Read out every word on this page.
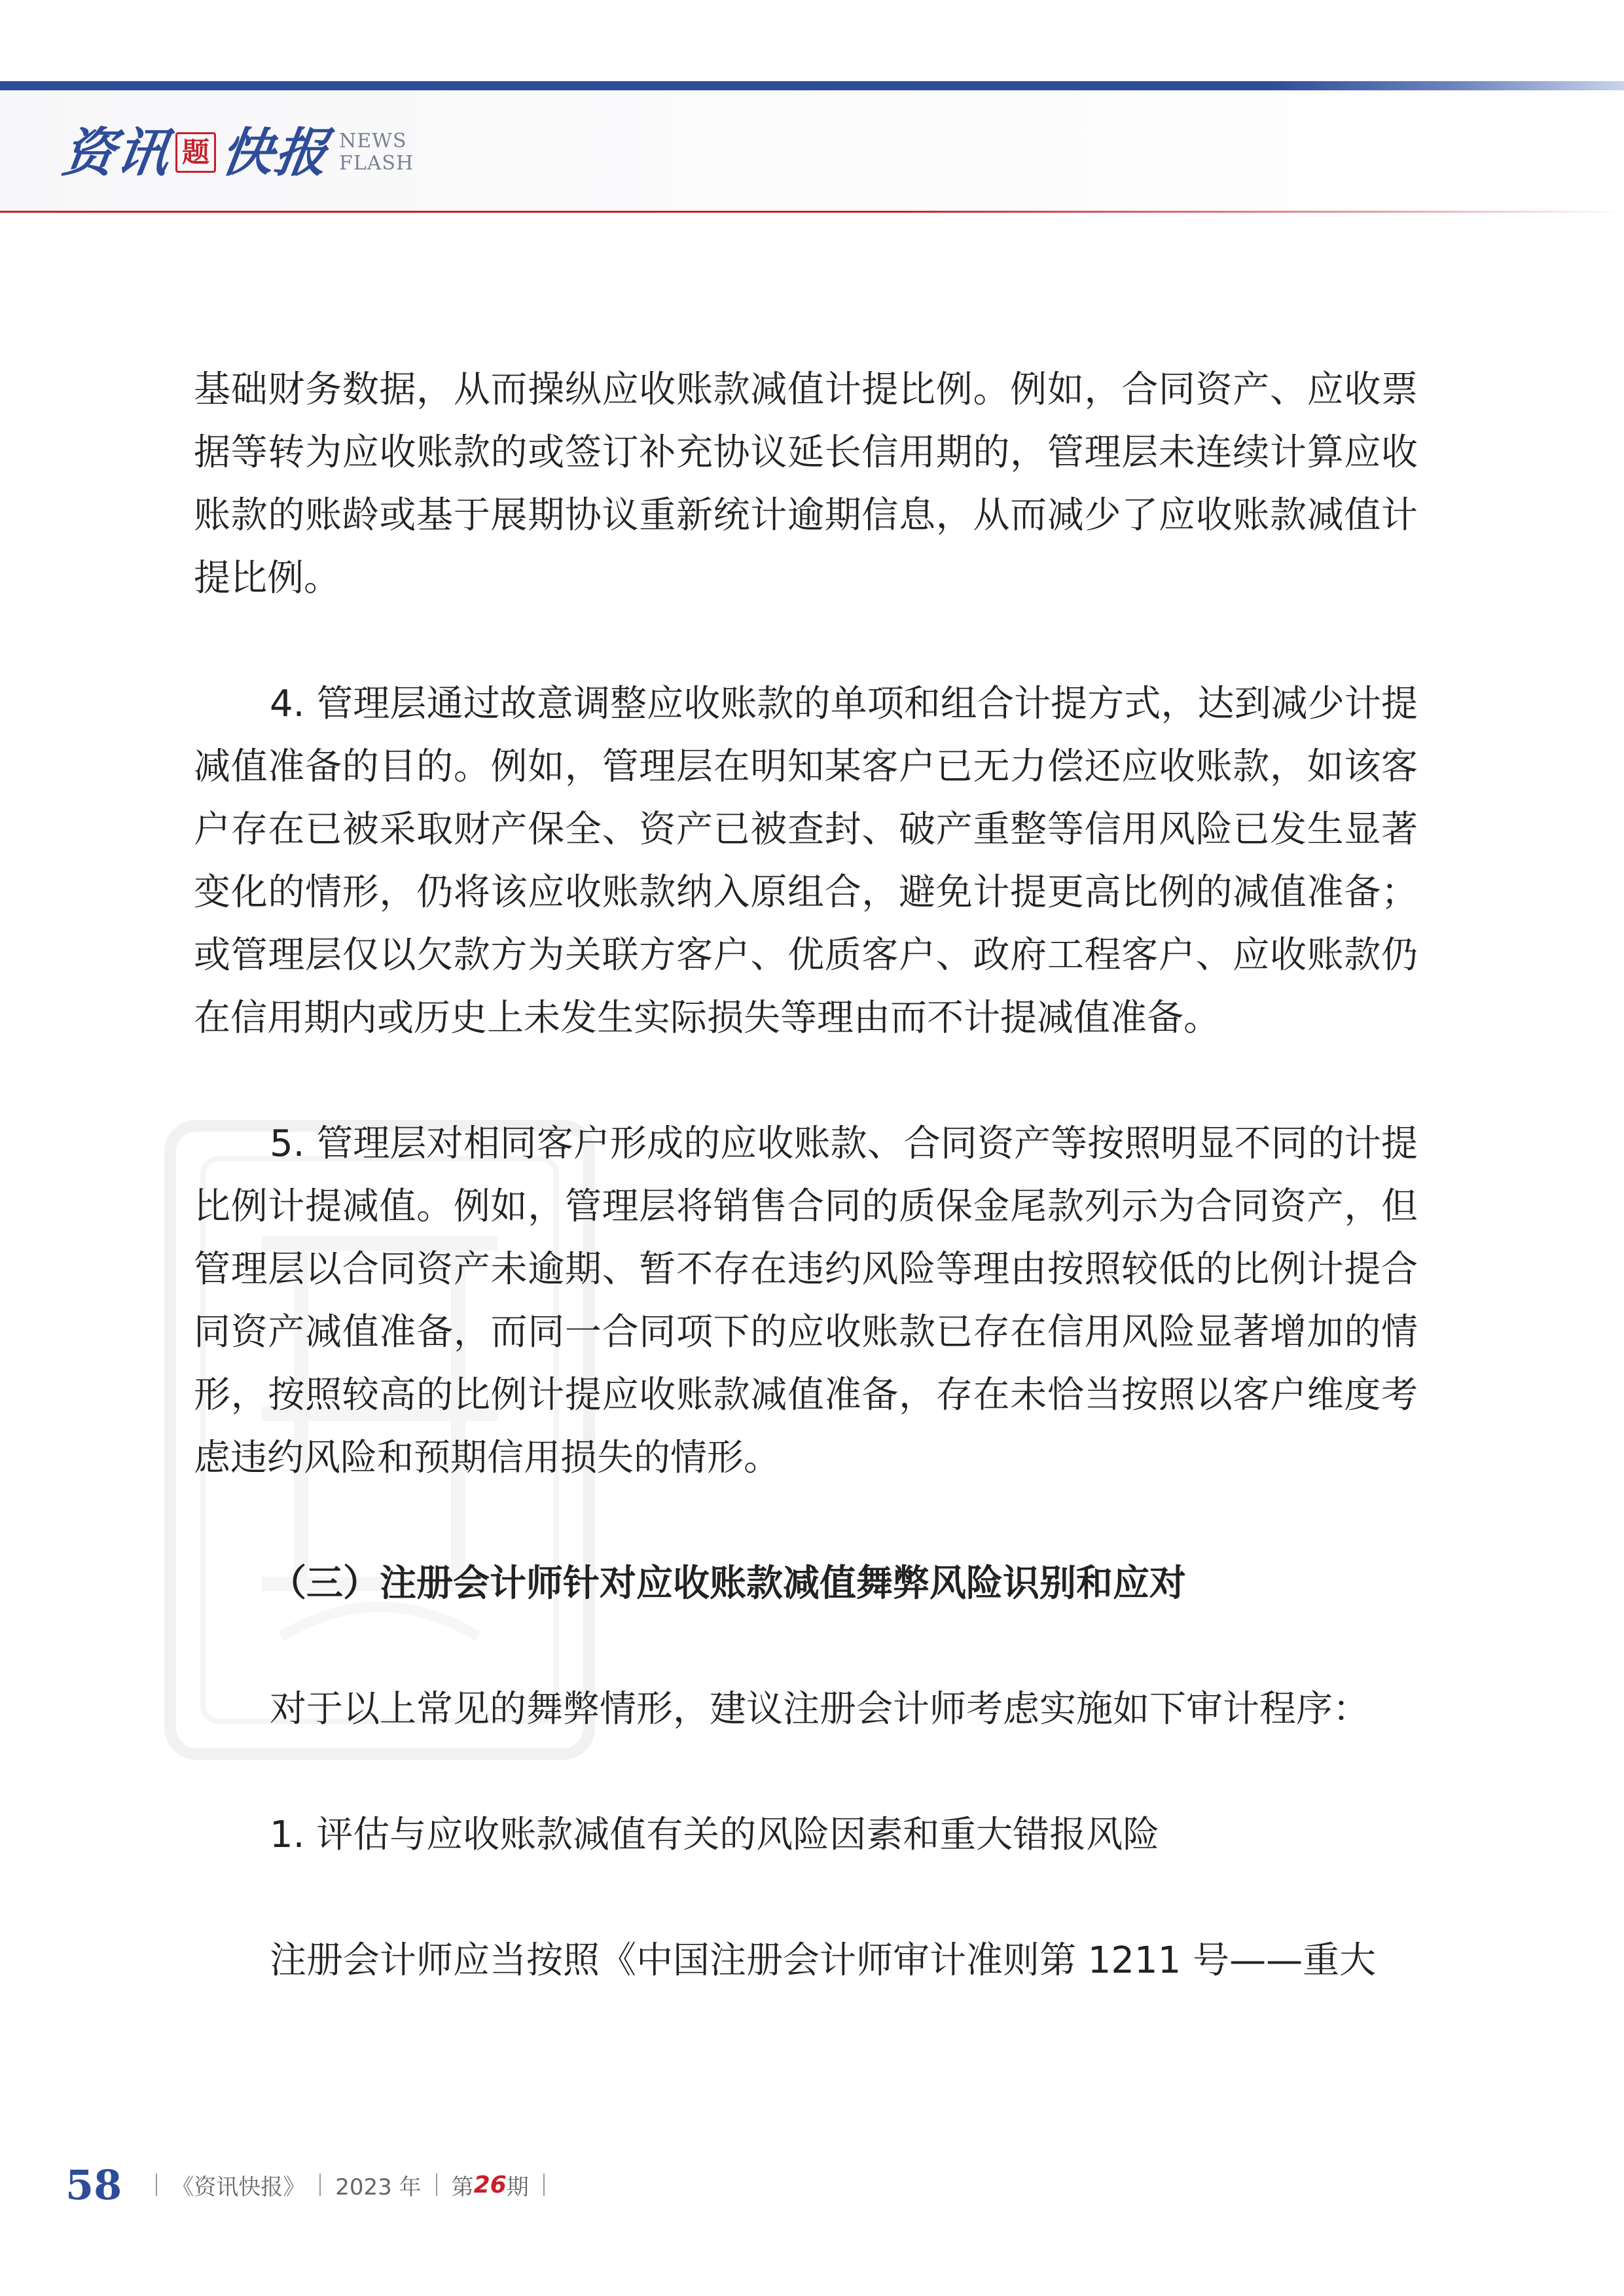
资讯 题 快报 NEWS
FLASH

基础财务数据，从而操纵应收账款减值计提比例。例如，合同资产、应收票据等转为应收账款的或签订补充协议延长信用期的，管理层未连续计算应收账款的账龄或基于展期协议重新统计逾期信息，从而减少了应收账款减值计提比例。

4. 管理层通过故意调整应收账款的单项和组合计提方式，达到减少计提减值准备的目的。例如，管理层在明知某客户已无力偿还应收账款，如该客户存在已被采取财产保全、资产已被查封、破产重整等信用风险已发生显著变化的情形，仍将该应收账款纳入原组合，避免计提更高比例的减值准备；或管理层仅以欠款方为关联方客户、优质客户、政府工程客户、应收账款仍在信用期内或历史上未发生实际损失等理由而不计提减值准备。

5. 管理层对相同客户形成的应收账款、合同资产等按照明显不同的计提比例计提减值。例如，管理层将销售合同的质保金尾款列示为合同资产，但管理层以合同资产未逾期、暂不存在违约风险等理由按照较低的比例计提合同资产减值准备，而同一合同项下的应收账款已存在信用风险显著增加的情形，按照较高的比例计提应收账款减值准备，存在未恰当按照以客户维度考虑违约风险和预期信用损失的情形。

（三）注册会计师针对应收账款减值舞弊风险识别和应对

对于以上常见的舞弊情形，建议注册会计师考虑实施如下审计程序：

1. 评估与应收账款减值有关的风险因素和重大错报风险

注册会计师应当按照《中国注册会计师审计准则第 1211 号——重大

58 《资讯快报》 2023 年 第 26 期
